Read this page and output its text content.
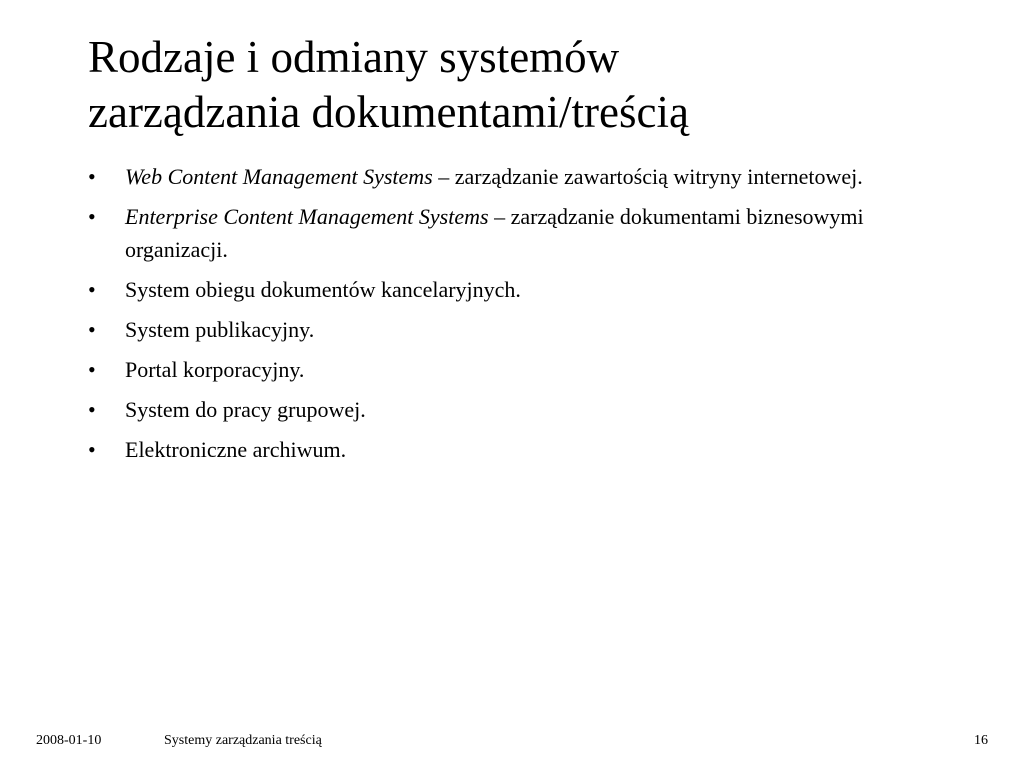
Rodzaje i odmiany systemów
zarządzania dokumentami/treścią
• Web Content Management Systems – zarządzanie zawartością witryny internetowej.
• Enterprise Content Management Systems – zarządzanie dokumentami biznesowymi organizacji.
• System obiegu dokumentów kancelaryjnych.
• System publikacyjny.
• Portal korporacyjny.
• System do pracy grupowej.
• Elektroniczne archiwum.
2008-01-10	Systemy zarządzania treścią	16
